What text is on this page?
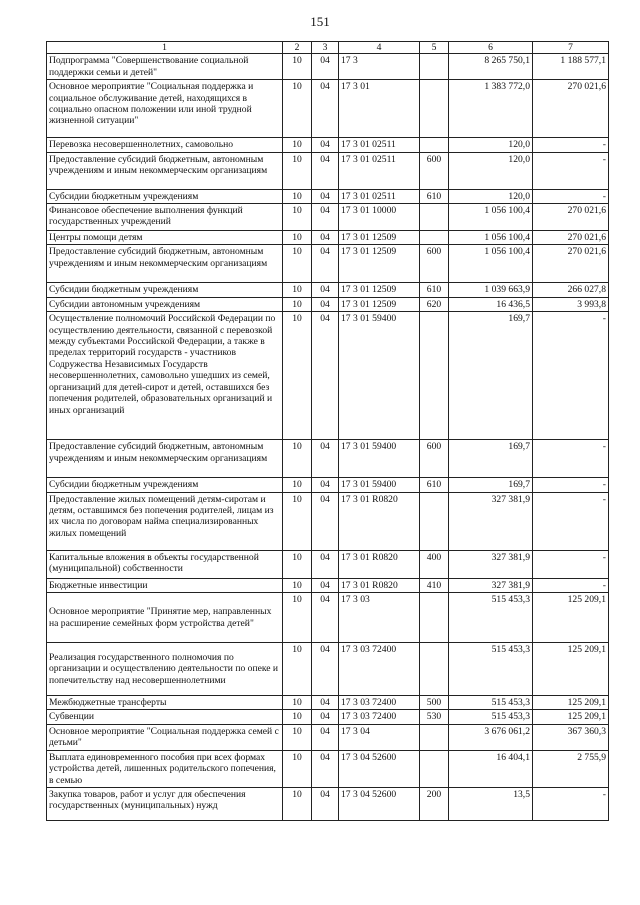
151
1	2	3	4	5	6	7
Подпрограмма "Совершенствование социальной поддержки семьи и детей"	10	04	17 3		8 265 750,1	1 188 577,1
Основное мероприятие "Социальная поддержка и социальное обслуживание детей, находящихся в социально опасном положении или иной трудной жизненной ситуации"	10	04	17 3 01		1 383 772,0	270 021,6
Перевозка несовершеннолетних, самовольно	10	04	17 3 01 02511		120,0	-
Предоставление субсидий бюджетным, автономным учреждениям и иным некоммерческим организациям	10	04	17 3 01 02511	600	120,0	-
Субсидии бюджетным учреждениям	10	04	17 3 01 02511	610	120,0	-
Финансовое обеспечение выполнения функций государственных учреждений	10	04	17 3 01 10000		1 056 100,4	270 021,6
Центры помощи детям	10	04	17 3 01 12509		1 056 100,4	270 021,6
Предоставление субсидий бюджетным, автономным учреждениям и иным некоммерческим организациям	10	04	17 3 01 12509	600	1 056 100,4	270 021,6
Субсидии бюджетным учреждениям	10	04	17 3 01 12509	610	1 039 663,9	266 027,8
Субсидии автономным учреждениям	10	04	17 3 01 12509	620	16 436,5	3 993,8
Осуществление полномочий Российской Федерации по осуществлению деятельности, связанной с перевозкой между субъектами Российской Федерации, а также в пределах территорий государств - участников Содружества Независимых Государств несовершеннолетних, самовольно ушедших из семей, организаций для детей-сирот и детей, оставшихся без попечения родителей, образовательных организаций и иных организаций	10	04	17 3 01 59400		169,7	-
Предоставление субсидий бюджетным, автономным учреждениям и иным некоммерческим организациям	10	04	17 3 01 59400	600	169,7	-
Субсидии бюджетным учреждениям	10	04	17 3 01 59400	610	169,7	-
Предоставление жилых помещений детям-сиротам и детям, оставшимся без попечения родителей, лицам из их числа по договорам найма специализированных жилых помещений	10	04	17 3 01 R0820		327 381,9	-
Капитальные вложения в объекты государственной (муниципальной) собственности	10	04	17 3 01 R0820	400	327 381,9	-
Бюджетные инвестиции	10	04	17 3 01 R0820	410	327 381,9	-
Основное мероприятие "Принятие мер, направленных на расширение семейных форм устройства детей"	10	04	17 3 03		515 453,3	125 209,1
Реализация государственного полномочия по организации и осуществлению деятельности по опеке и попечительству над несовершеннолетними	10	04	17 3 03 72400		515 453,3	125 209,1
Межбюджетные трансферты	10	04	17 3 03 72400	500	515 453,3	125 209,1
Субвенции	10	04	17 3 03 72400	530	515 453,3	125 209,1
Основное мероприятие "Социальная поддержка семей с детьми"	10	04	17 3 04		3 676 061,2	367 360,3
Выплата единовременного пособия при всех формах устройства детей, лишенных родительского попечения, в семью	10	04	17 3 04 52600		16 404,1	2 755,9
Закупка товаров, работ и услуг для обеспечения государственных (муниципальных) нужд	10	04	17 3 04 52600	200	13,5	-
